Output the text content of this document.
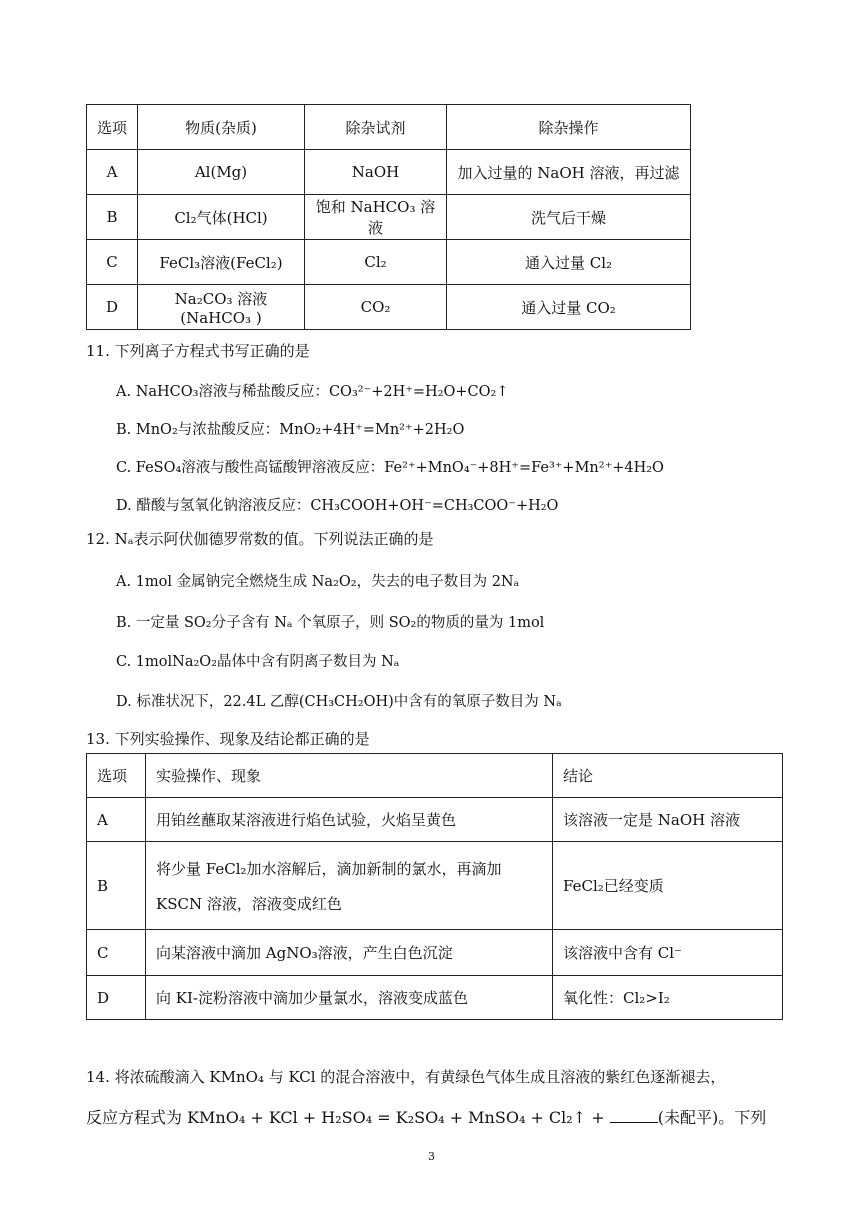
选项	物质(杂质)	除杂试剂	除杂操作
A	Al(Mg)	NaOH	加入过量的 NaOH 溶液，再过滤
B	Cl₂气体(HCl)	饱和 NaHCO₃ 溶液	洗气后干燥
C	FeCl₃溶液(FeCl₂)	Cl₂	通入过量 Cl₂
D	Na₂CO₃ 溶液(NaHCO₃ )	CO₂	通入过量 CO₂
11. 下列离子方程式书写正确的是
A. NaHCO₃溶液与稀盐酸反应：CO₃²⁻+2H⁺=H₂O+CO₂↑
B. MnO₂与浓盐酸反应：MnO₂+4H⁺=Mn²⁺+2H₂O
C. FeSO₄溶液与酸性高锰酸钾溶液反应：Fe²⁺+MnO₄⁻+8H⁺=Fe³⁺+Mn²⁺+4H₂O
D. 醋酸与氢氧化钠溶液反应：CH₃COOH+OH⁻=CH₃COO⁻+H₂O
12. Nₐ表示阿伏伽德罗常数的值。下列说法正确的是
A. 1mol 金属钠完全燃烧生成 Na₂O₂，失去的电子数目为 2Nₐ
B. 一定量 SO₂分子含有 Nₐ 个氧原子，则 SO₂的物质的量为 1mol
C. 1molNa₂O₂晶体中含有阴离子数目为 Nₐ
D. 标准状况下，22.4L 乙醇(CH₃CH₂OH)中含有的氧原子数目为 Nₐ
13. 下列实验操作、现象及结论都正确的是
选项	实验操作、现象	结论
A	用铂丝蘸取某溶液进行焰色试验，火焰呈黄色	该溶液一定是 NaOH 溶液
B	将少量 FeCl₂加水溶解后，滴加新制的氯水，再滴加
KSCN 溶液，溶液变成红色	FeCl₂已经变质
C	向某溶液中滴加 AgNO₃溶液，产生白色沉淀	该溶液中含有 Cl⁻
D	向 KI-淀粉溶液中滴加少量氯水，溶液变成蓝色	氧化性：Cl₂>I₂
14. 将浓硫酸滴入 KMnO₄ 与 KCl 的混合溶液中，有黄绿色气体生成且溶液的紫红色逐渐褪去，
反应方程式为 KMnO₄ + KCl + H₂SO₄ = K₂SO₄ + MnSO₄ + Cl₂↑ +	(未配平)。下列
3
